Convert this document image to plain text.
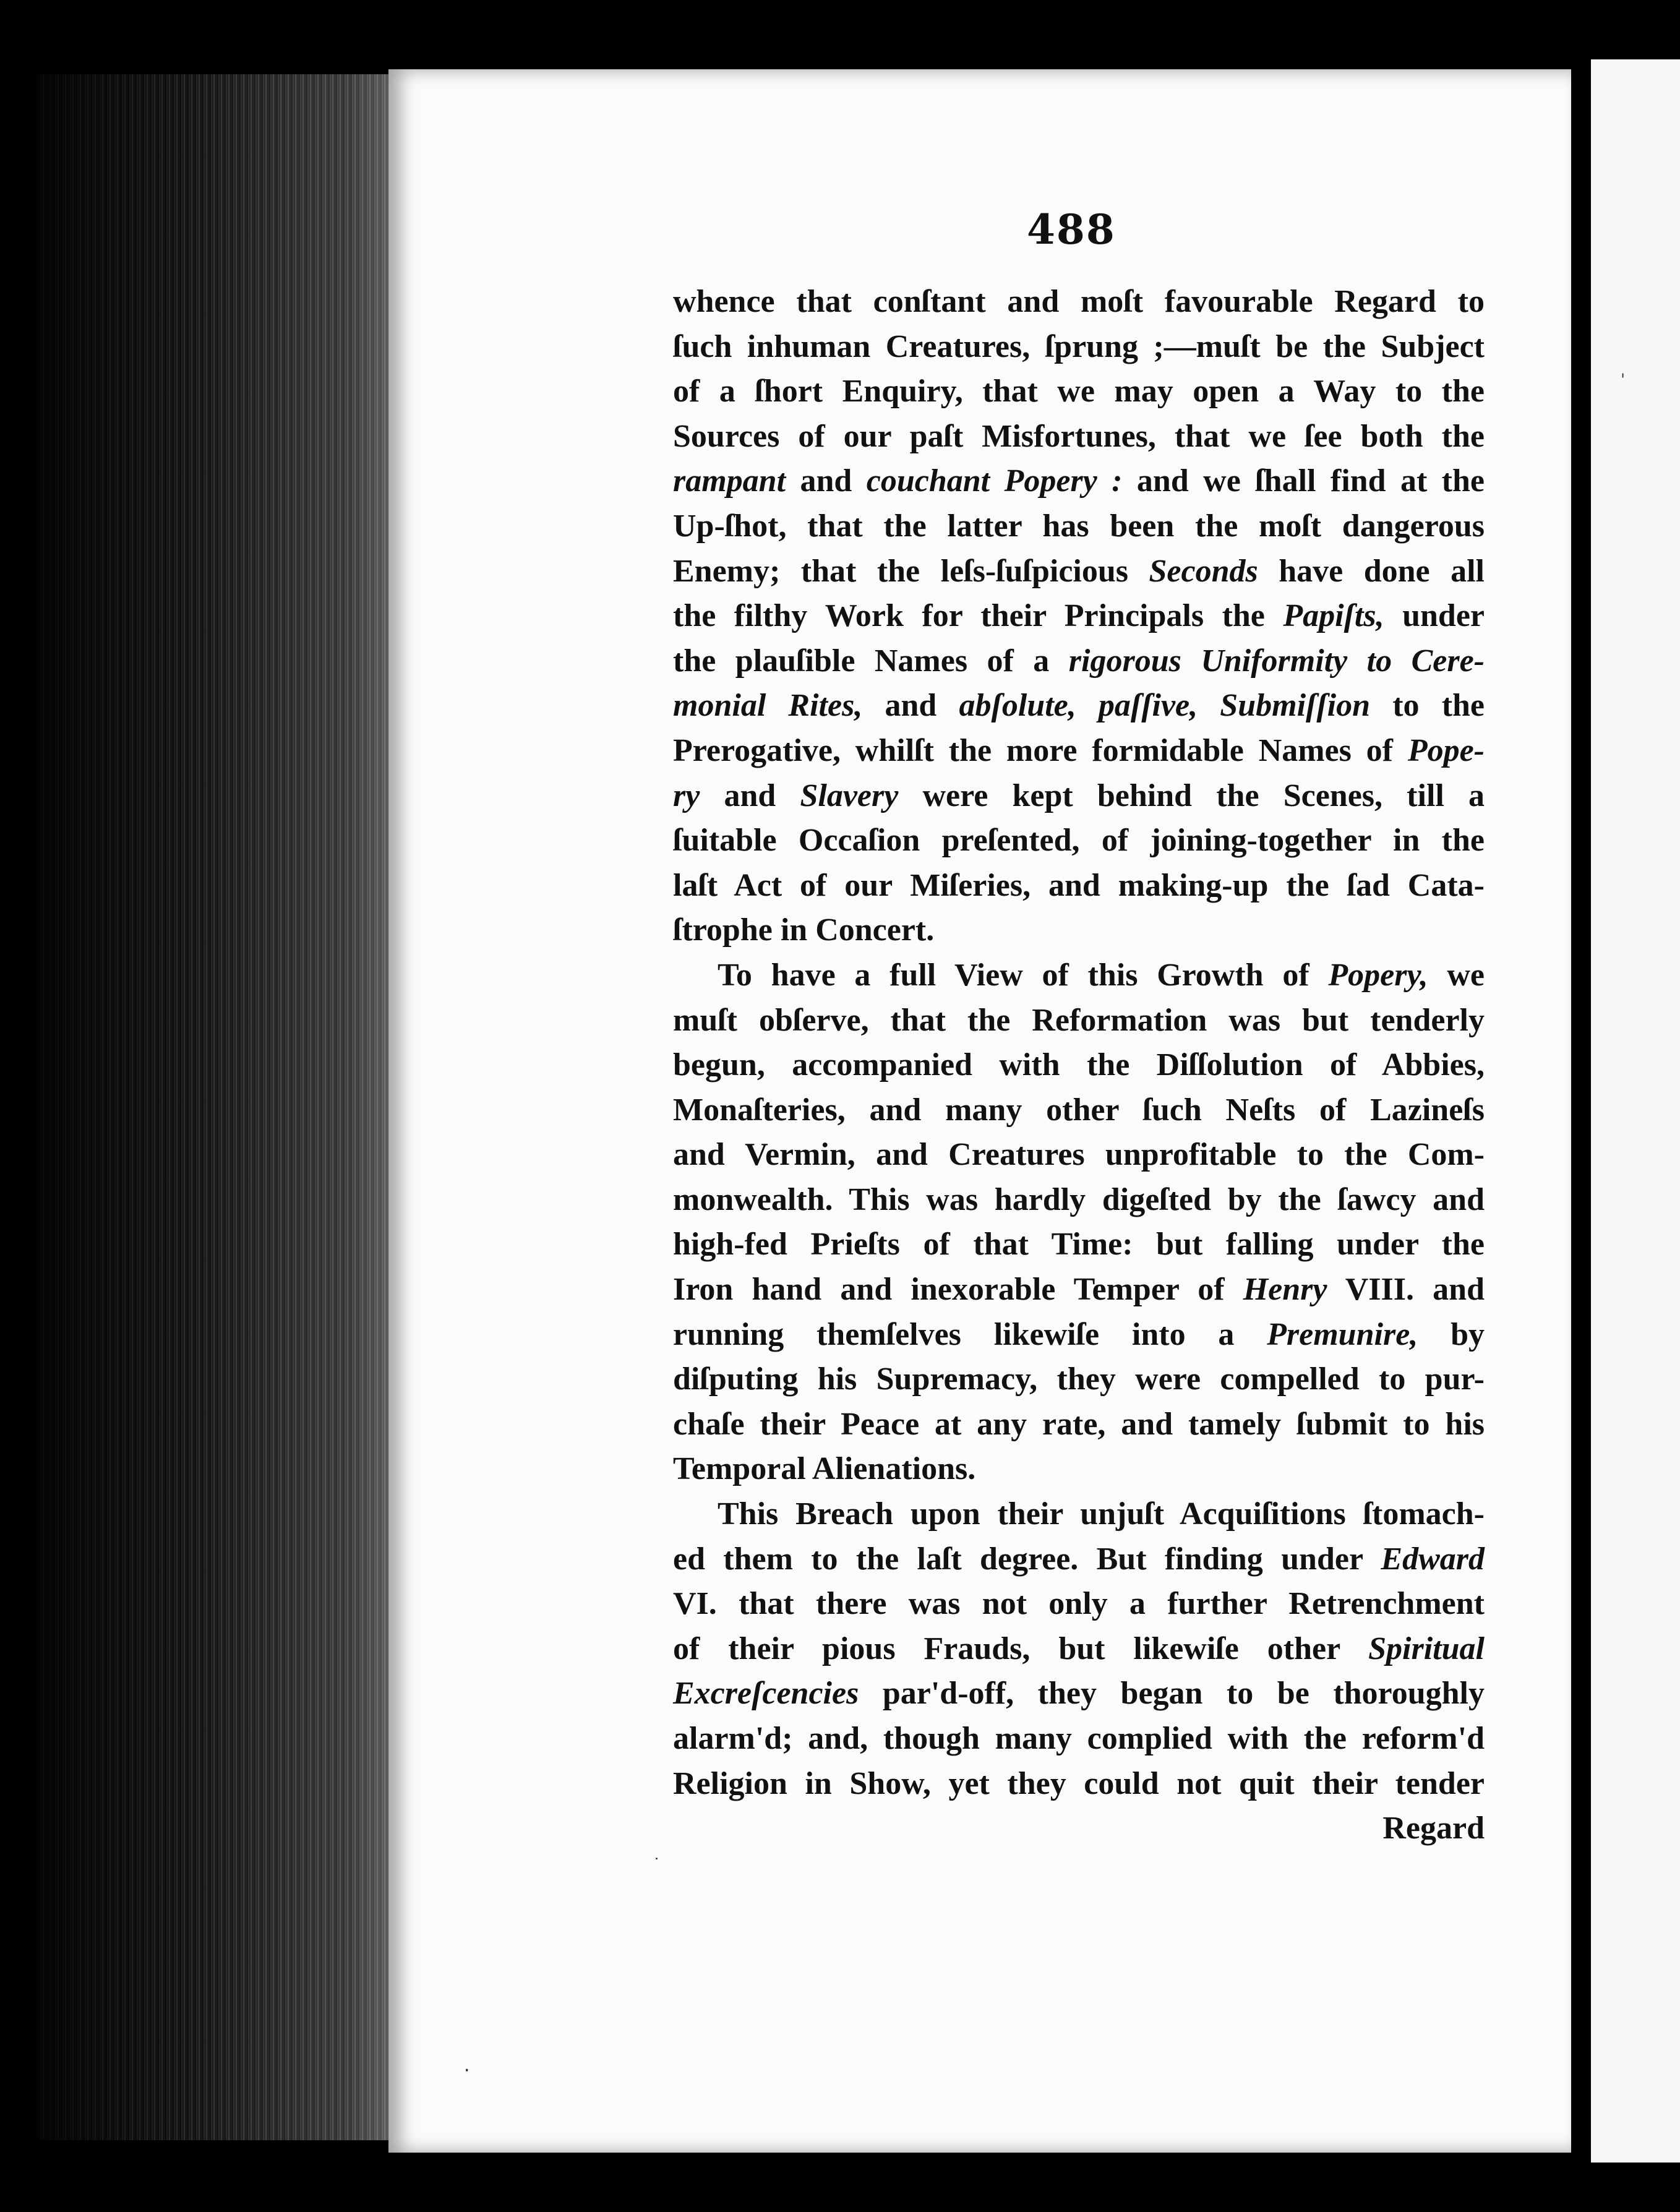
488
whence that conſtant and moſt favourable Regard to
ſuch inhuman Creatures, ſprung ;—muſt be the Subject
of a ſhort Enquiry, that we may open a Way to the
Sources of our paſt Misfortunes, that we ſee both the
rampant and couchant Popery : and we ſhall find at the
Up-ſhot, that the latter has been the moſt dangerous
Enemy; that the leſs-ſuſpicious Seconds have done all
the filthy Work for their Principals the Papiſts, under
the plauſible Names of a rigorous Uniformity to Cere-
monial Rites, and abſolute, paſſive, Submiſſion to the
Prerogative, whilſt the more formidable Names of Pope-
ry and Slavery were kept behind the Scenes, till a
ſuitable Occaſion preſented, of joining-together in the
laſt Act of our Miſeries, and making-up the ſad Cata-
ſtrophe in Concert.
To have a full View of this Growth of Popery, we
muſt obſerve, that the Reformation was but tenderly
begun, accompanied with the Diſſolution of Abbies,
Monaſteries, and many other ſuch Neſts of Lazineſs
and Vermin, and Creatures unprofitable to the Com-
monwealth. This was hardly digeſted by the ſawcy and
high-fed Prieſts of that Time: but falling under the
Iron hand and inexorable Temper of Henry VIII. and
running themſelves likewiſe into a Premunire, by
diſputing his Supremacy, they were compelled to pur-
chaſe their Peace at any rate, and tamely ſubmit to his
Temporal Alienations.
This Breach upon their unjuſt Acquiſitions ſtomach-
ed them to the laſt degree. But finding under Edward
VI. that there was not only a further Retrenchment
of their pious Frauds, but likewiſe other Spiritual
Excreſcencies par'd-off, they began to be thoroughly
alarm'd; and, though many complied with the reform'd
Religion in Show, yet they could not quit their tender
Regard
·
˙
ˈ
